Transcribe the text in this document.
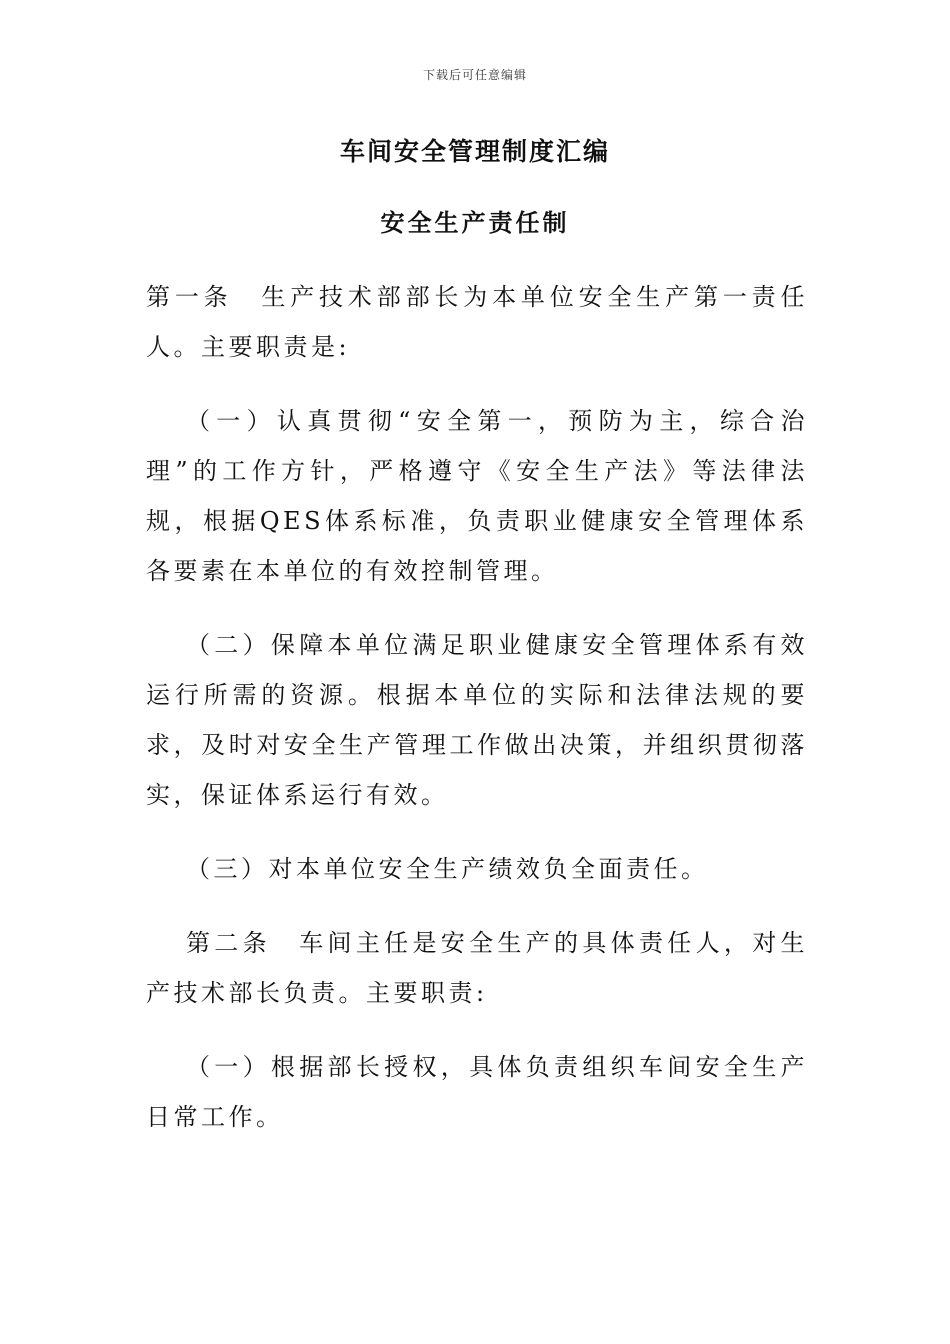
下载后可任意编辑
车间安全管理制度汇编
安全生产责任制

第一条　生产技术部部长为本单位安全生产第一责任人。主要职责是:

（一）认真贯彻“安全第一，预防为主，综合治理”的工作方针，严格遵守《安全生产法》等法律法规，根据QES体系标准，负责职业健康安全管理体系各要素在本单位的有效控制管理。

（二）保障本单位满足职业健康安全管理体系有效运行所需的资源。根据本单位的实际和法律法规的要求，及时对安全生产管理工作做出决策，并组织贯彻落实，保证体系运行有效。

（三）对本单位安全生产绩效负全面责任。

第二条　车间主任是安全生产的具体责任人，对生产技术部长负责。主要职责:

（一）根据部长授权，具体负责组织车间安全生产日常工作。
